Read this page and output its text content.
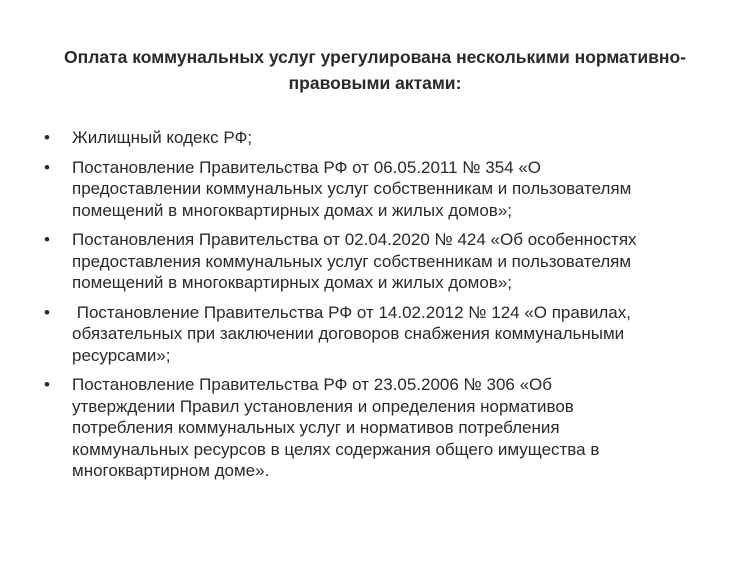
Оплата коммунальных услуг урегулирована несколькими нормативно-
правовыми актами:
• Жилищный кодекс РФ;
• Постановление Правительства РФ от 06.05.2011 № 354 «О
предоставлении коммунальных услуг собственникам и пользователям
помещений в многоквартирных домах и жилых домов»;
• Постановления Правительства от 02.04.2020 № 424 «Об особенностях
предоставления коммунальных услуг собственникам и пользователям
помещений в многоквартирных домах и жилых домов»;
• Постановление Правительства РФ от 14.02.2012 № 124 «О правилах,
обязательных при заключении договоров снабжения коммунальными
ресурсами»;
• Постановление Правительства РФ от 23.05.2006 № 306 «Об
утверждении Правил установления и определения нормативов
потребления коммунальных услуг и нормативов потребления
коммунальных ресурсов в целях содержания общего имущества в
многоквартирном доме».
